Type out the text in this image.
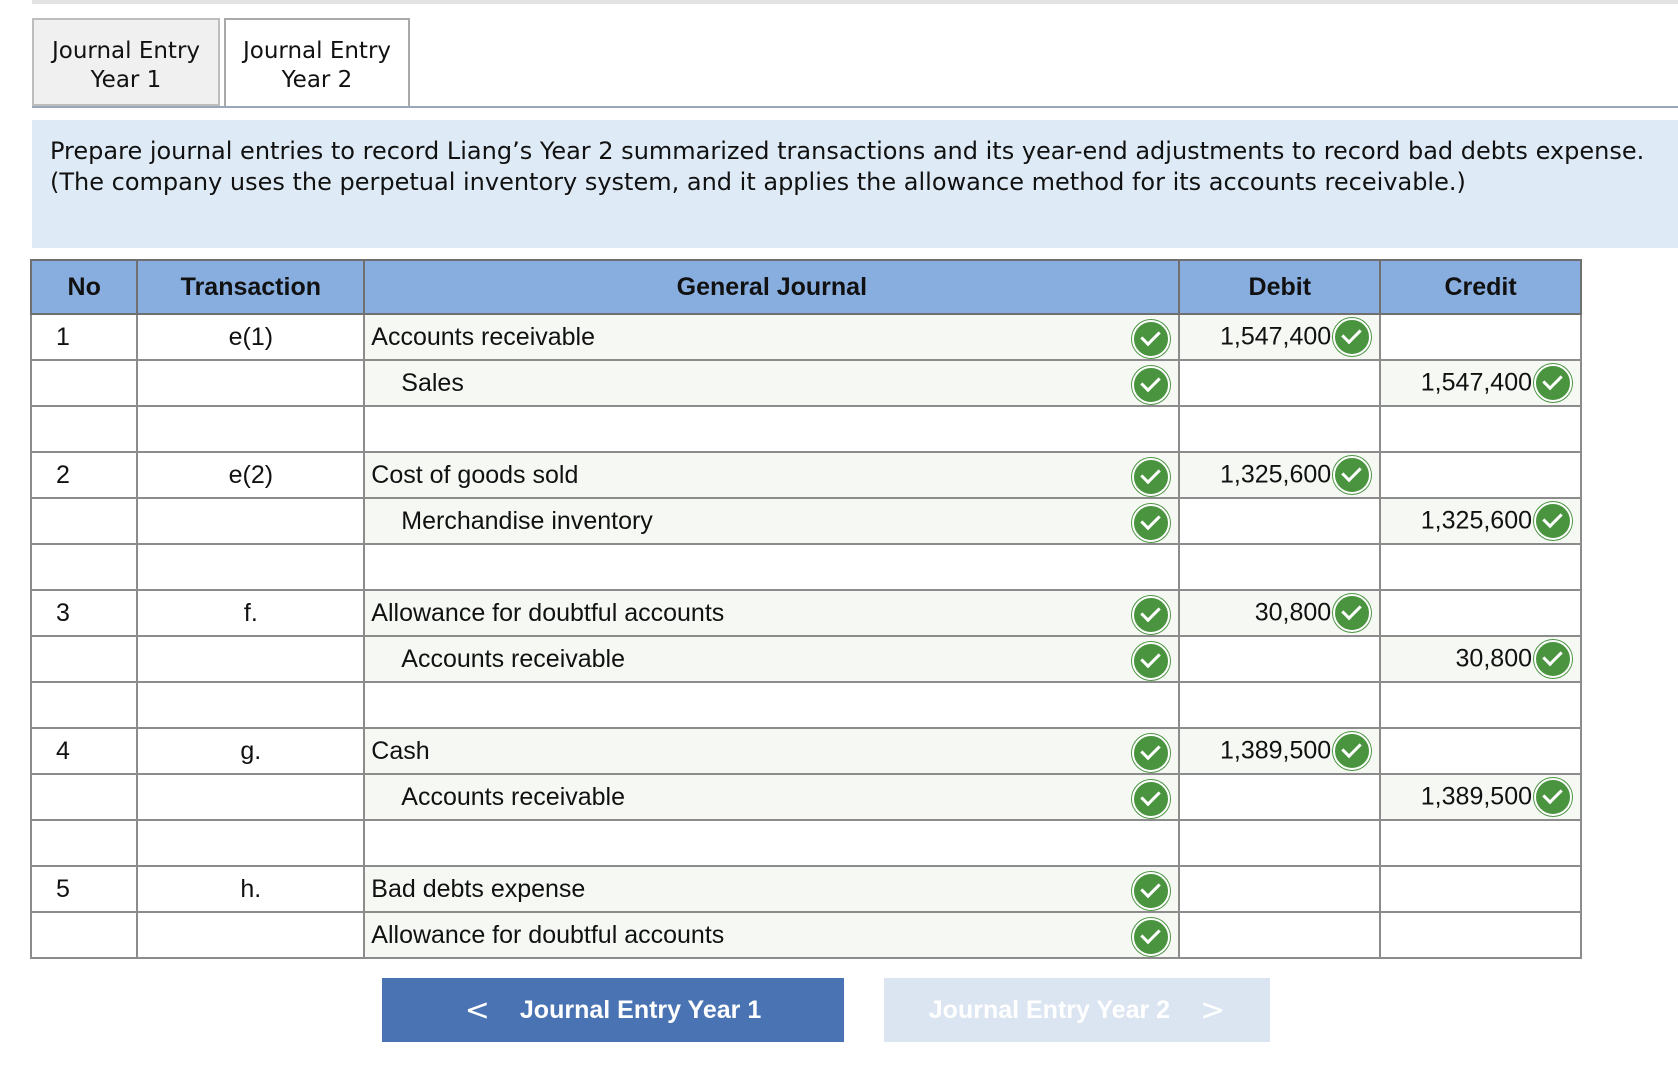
Journal Entry
Year 1
Journal Entry
Year 2
Prepare journal entries to record Liang’s Year 2 summarized transactions and its year-end adjustments to record bad debts expense. (The company uses the perpetual inventory system, and it applies the allowance method for its accounts receivable.)
No	Transaction	General Journal	Debit	Credit
1	e(1)	Accounts receivable	1,547,400	
		Sales		1,547,400

2	e(2)	Cost of goods sold	1,325,600	
		Merchandise inventory		1,325,600

3	f.	Allowance for doubtful accounts	30,800	
		Accounts receivable		30,800

4	g.	Cash	1,389,500	
		Accounts receivable		1,389,500

5	h.	Bad debts expense

		Allowance for doubtful accounts

< Journal Entry Year 1	Journal Entry Year 2 >
